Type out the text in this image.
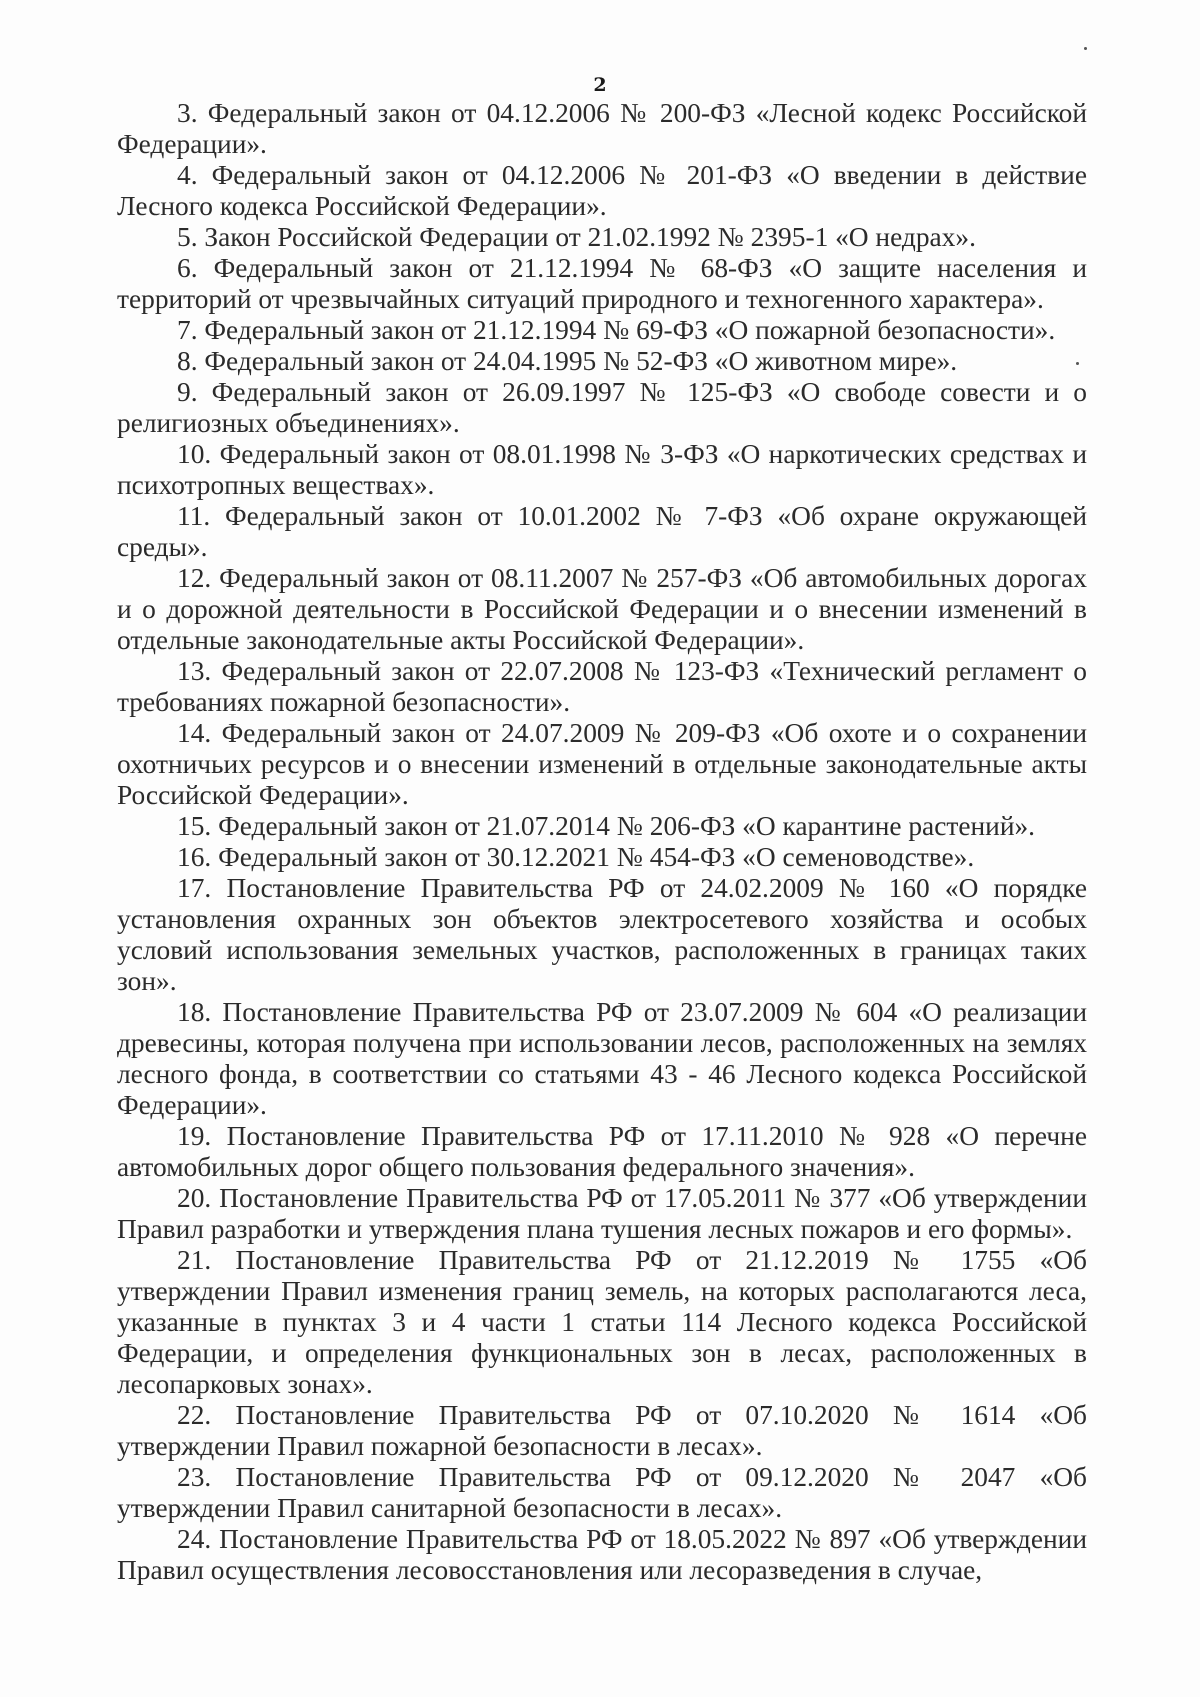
2

3. Федеральный закон от 04.12.2006 № 200-ФЗ «Лесной кодекс Российской Федерации».

4. Федеральный закон от 04.12.2006 № 201-ФЗ «О введении в действие Лесного кодекса Российской Федерации».

5. Закон Российской Федерации от 21.02.1992 № 2395-1 «О недрах».

6. Федеральный закон от 21.12.1994 № 68-ФЗ «О защите населения и территорий от чрезвычайных ситуаций природного и техногенного характера».

7. Федеральный закон от 21.12.1994 № 69-ФЗ «О пожарной безопасности».

8. Федеральный закон от 24.04.1995 № 52-ФЗ «О животном мире».

9. Федеральный закон от 26.09.1997 № 125-ФЗ «О свободе совести и о религиозных объединениях».

10. Федеральный закон от 08.01.1998 № 3-ФЗ «О наркотических средствах и психотропных веществах».

11. Федеральный закон от 10.01.2002 № 7-ФЗ «Об охране окружающей среды».

12. Федеральный закон от 08.11.2007 № 257-ФЗ «Об автомобильных дорогах и о дорожной деятельности в Российской Федерации и о внесении изменений в отдельные законодательные акты Российской Федерации».

13. Федеральный закон от 22.07.2008 № 123-ФЗ «Технический регламент о требованиях пожарной безопасности».

14. Федеральный закон от 24.07.2009 № 209-ФЗ «Об охоте и о сохранении охотничьих ресурсов и о внесении изменений в отдельные законодательные акты Российской Федерации».

15. Федеральный закон от 21.07.2014 № 206-ФЗ «О карантине растений».

16. Федеральный закон от 30.12.2021 № 454-ФЗ «О семеноводстве».

17. Постановление Правительства РФ от 24.02.2009 № 160 «О порядке установления охранных зон объектов электросетевого хозяйства и особых условий использования земельных участков, расположенных в границах таких зон».

18. Постановление Правительства РФ от 23.07.2009 № 604 «О реализации древесины, которая получена при использовании лесов, расположенных на землях лесного фонда, в соответствии со статьями 43 - 46 Лесного кодекса Российской Федерации».

19. Постановление Правительства РФ от 17.11.2010 № 928 «О перечне автомобильных дорог общего пользования федерального значения».

20. Постановление Правительства РФ от 17.05.2011 № 377 «Об утверждении Правил разработки и утверждения плана тушения лесных пожаров и его формы».

21. Постановление Правительства РФ от 21.12.2019 № 1755 «Об утверждении Правил изменения границ земель, на которых располагаются леса, указанные в пунктах 3 и 4 части 1 статьи 114 Лесного кодекса Российской Федерации, и определения функциональных зон в лесах, расположенных в лесопарковых зонах».

22. Постановление Правительства РФ от 07.10.2020 № 1614 «Об утверждении Правил пожарной безопасности в лесах».

23. Постановление Правительства РФ от 09.12.2020 № 2047 «Об утверждении Правил санитарной безопасности в лесах».

24. Постановление Правительства РФ от 18.05.2022 № 897 «Об утверждении Правил осуществления лесовосстановления или лесоразведения в случае,
